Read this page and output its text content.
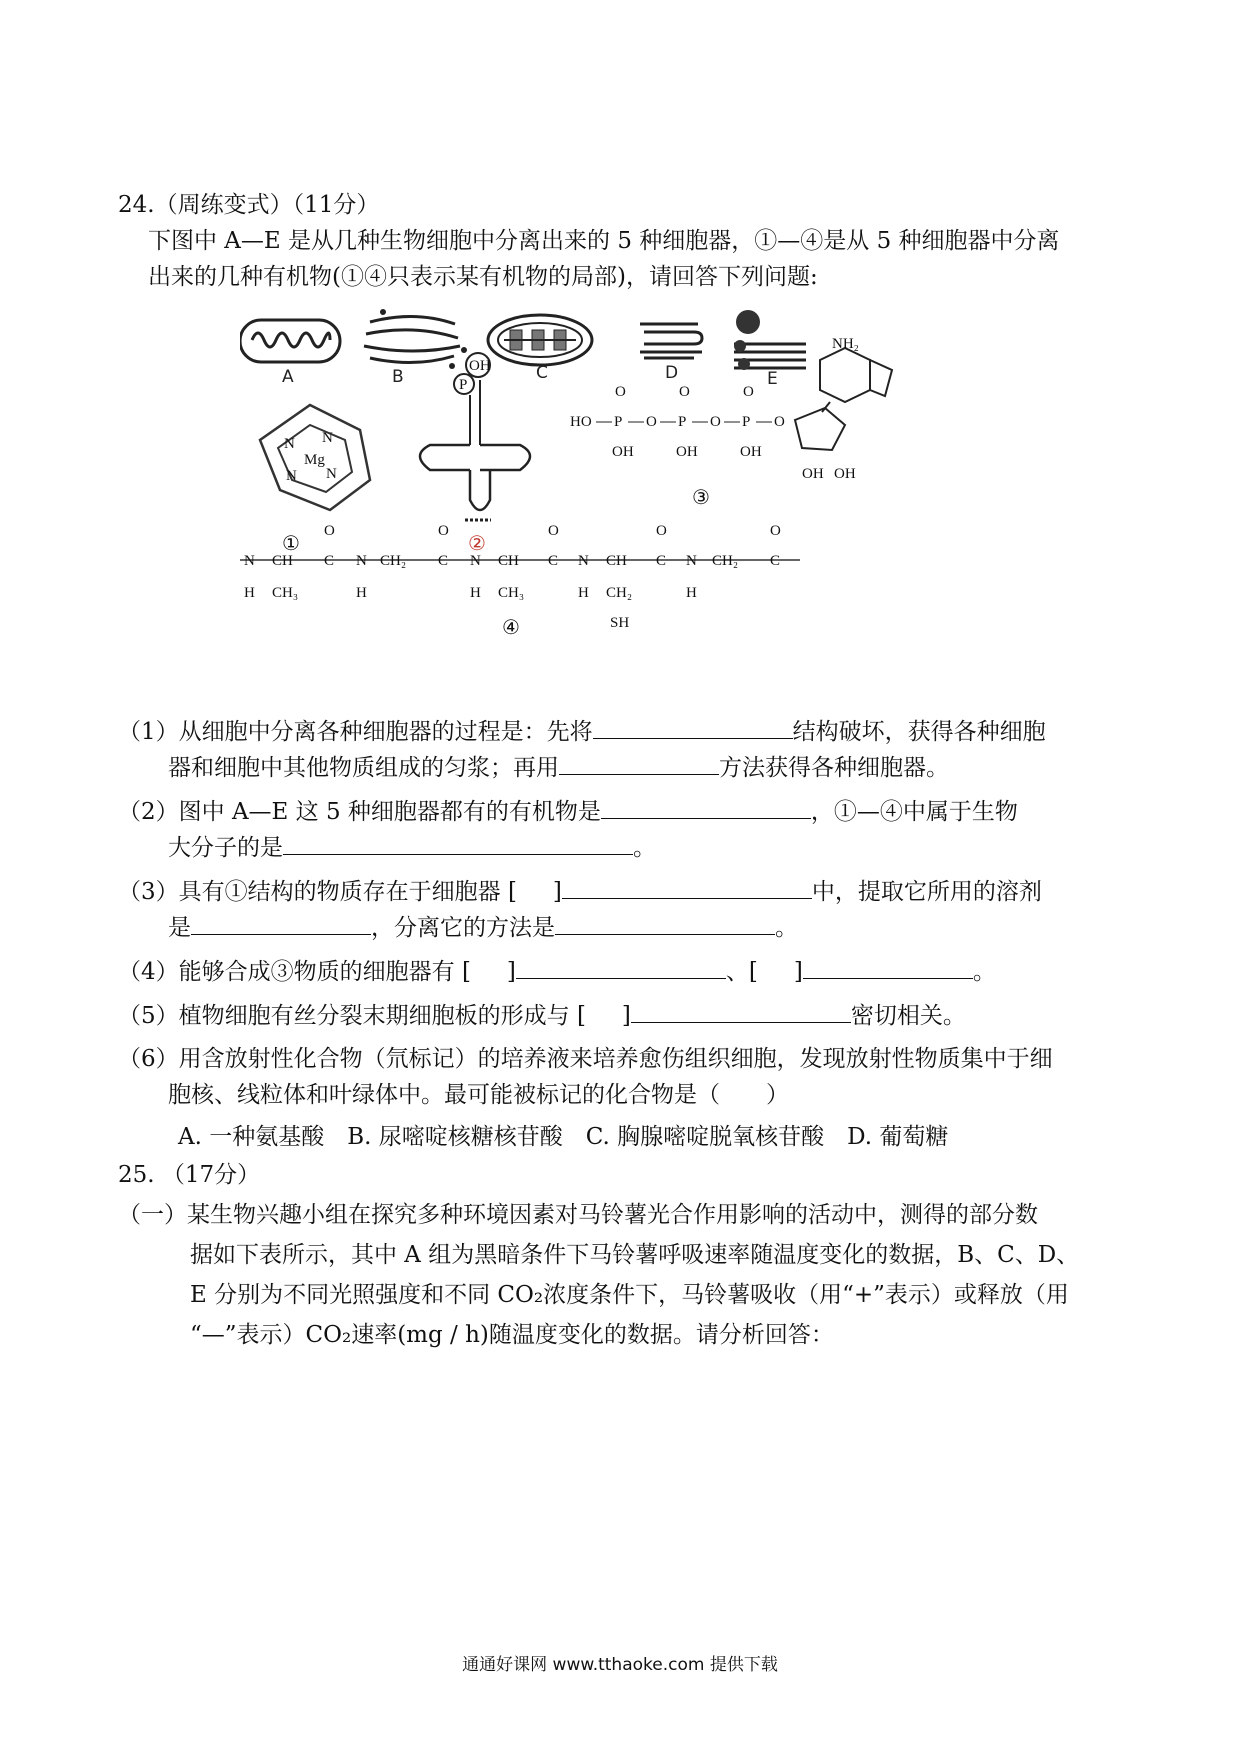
24.（周练变式）（11分）
下图中 A—E 是从几种生物细胞中分离出来的 5 种细胞器，①—④是从 5 种细胞器中分离
出来的几种有机物(①④只表示某有机物的局部)，请回答下列问题:
A	B	C	D	E
Mg
N N
N N
①
OH
P
②
HO P
O
OH
O P
O
OH
O P
O
OH
O
OH OH
NH₂
③
N
H
CH
CH₃
C
O
N
H
CH₂ C
O
N
H
CH
CH₃
C
O
N
H
CH
CH₂
SH
C
O
N
H
CH₂ C
O
④
（1）从细胞中分离各种细胞器的过程是：先将	结构破坏，获得各种细胞
器和细胞中其他物质组成的匀浆；再用	方法获得各种细胞器。
（2）图中 A—E 这 5 种细胞器都有的有机物是	，①—④中属于生物
大分子的是	。
（3）具有①结构的物质存在于细胞器 [ ]	中，提取它所用的溶剂
是	，分离它的方法是	。
（4）能够合成③物质的细胞器有 [ ]	、[ ]	。
（5）植物细胞有丝分裂末期细胞板的形成与 [ ]	密切相关。
（6）用含放射性化合物（氘标记）的培养液来培养愈伤组织细胞，发现放射性物质集中于细
胞核、线粒体和叶绿体中。最可能被标记的化合物是（　　）
A. 一种氨基酸　B. 尿嘧啶核糖核苷酸　C. 胸腺嘧啶脱氧核苷酸　D. 葡萄糖
25. （17分）
（一）某生物兴趣小组在探究多种环境因素对马铃薯光合作用影响的活动中，测得的部分数
据如下表所示，其中 A 组为黑暗条件下马铃薯呼吸速率随温度变化的数据，B、C、D、
E 分别为不同光照强度和不同 CO₂浓度条件下，马铃薯吸收（用“+”表示）或释放（用
“—”表示）CO₂速率(mg / h)随温度变化的数据。请分析回答：
通通好课网 www.tthaoke.com 提供下载
